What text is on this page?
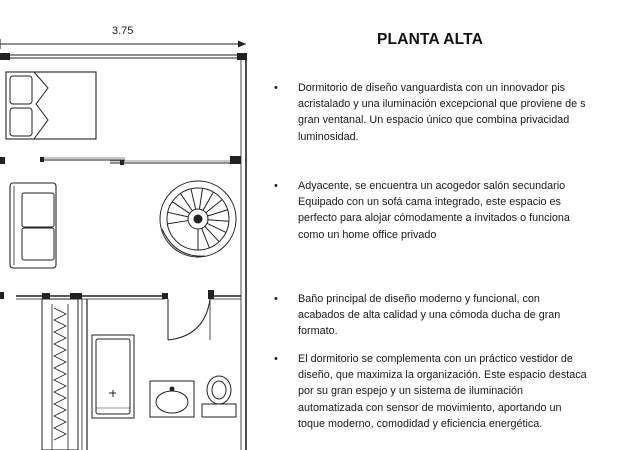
3.75	PLANTA ALTA
• Dormitorio de diseño vanguardista con un innovador pis
acristalado y una iluminación excepcional que proviene de s
gran ventanal. Un espacio único que combina privacidad
luminosidad.
• Adyacente, se encuentra un acogedor salón secundario
Equipado con un sofá cama integrado, este espacio es
perfecto para alojar cómodamente a invitados o funciona
como un home office privado
• Baño principal de diseño moderno y funcional, con
acabados de alta calidad y una cómoda ducha de gran
formato.
• El dormitorio se complementa con un práctico vestidor de
diseño, que maximiza la organización. Este espacio destaca
por su gran espejo y un sistema de iluminación
automatizada con sensor de movimiento, aportando un
toque moderno, comodidad y eficiencia energética.
